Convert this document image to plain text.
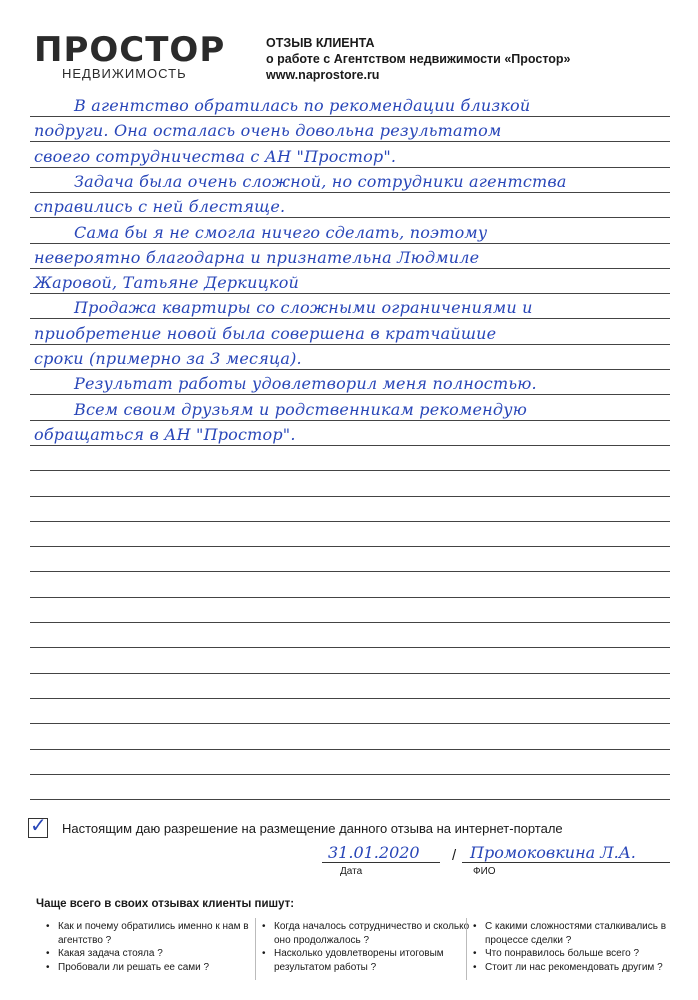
ПРОСТОР
НЕДВИЖИМОСТЬ
ОТЗЫВ КЛИЕНТА
о работе с Агентством недвижимости «Простор»
www.naprostore.ru
В агентство обратилась по рекомендации близкой
подруги. Она осталась очень довольна результатом
своего сотрудничества с АН "Простор".
Задача была очень сложной, но сотрудники агентства
справились с ней блестяще.
Сама бы я не смогла ничего сделать, поэтому
невероятно благодарна и признательна Людмиле
Жаровой, Татьяне Деркицкой
Продажа квартиры со сложными ограничениями и
приобретение новой была совершена в кратчайшие
сроки (примерно за 3 месяца).
Результат работы удовлетворил меня полностью.
Всем своим друзьям и родственникам рекомендую
обращаться в АН "Простор".
✓ Настоящим даю разрешение на размещение данного отзыва на интернет-портале
31.01.2020 / Промоковкина Л.А.
Дата	ФИО
Чаще всего в своих отзывах клиенты пишут:
• Как и почему обратились именно к нам в
агентство ?
• Какая задача стояла ?
• Пробовали ли решать ее сами ?
• Когда началось сотрудничество и сколько
оно продолжалось ?
• Насколько удовлетворены итоговым
результатом работы ?
• С какими сложностями сталкивались в
процессе сделки ?
• Что понравилось больше всего ?
• Стоит ли нас рекомендовать другим ?
